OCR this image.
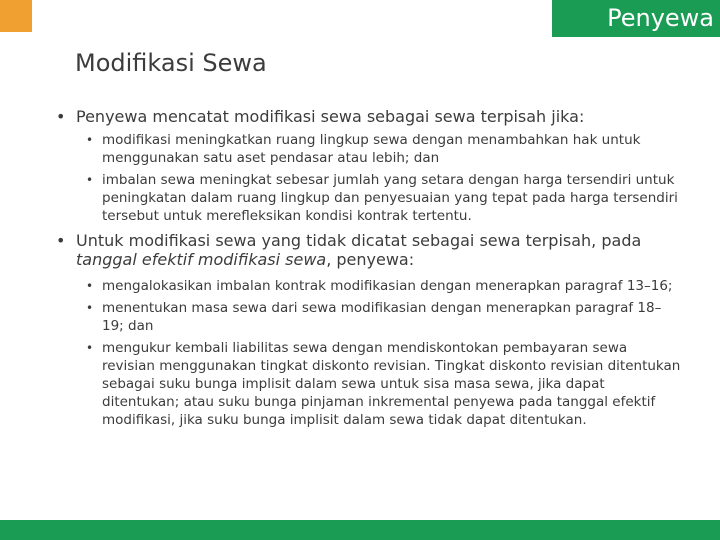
Penyewa
Modifikasi Sewa
• Penyewa mencatat modifikasi sewa sebagai sewa terpisah jika:
• modifikasi meningkatkan ruang lingkup sewa dengan menambahkan hak untuk menggunakan satu aset pendasar atau lebih; dan
• imbalan sewa meningkat sebesar jumlah yang setara dengan harga tersendiri untuk peningkatan dalam ruang lingkup dan penyesuaian yang tepat pada harga tersendiri tersebut untuk merefleksikan kondisi kontrak tertentu.
• Untuk modifikasi sewa yang tidak dicatat sebagai sewa terpisah, pada tanggal efektif modifikasi sewa, penyewa:
• mengalokasikan imbalan kontrak modifikasian dengan menerapkan paragraf 13–16;
• menentukan masa sewa dari sewa modifikasian dengan menerapkan paragraf 18–19; dan
• mengukur kembali liabilitas sewa dengan mendiskontokan pembayaran sewa revisian menggunakan tingkat diskonto revisian. Tingkat diskonto revisian ditentukan sebagai suku bunga implisit dalam sewa untuk sisa masa sewa, jika dapat ditentukan; atau suku bunga pinjaman inkremental penyewa pada tanggal efektif modifikasi, jika suku bunga implisit dalam sewa tidak dapat ditentukan.
